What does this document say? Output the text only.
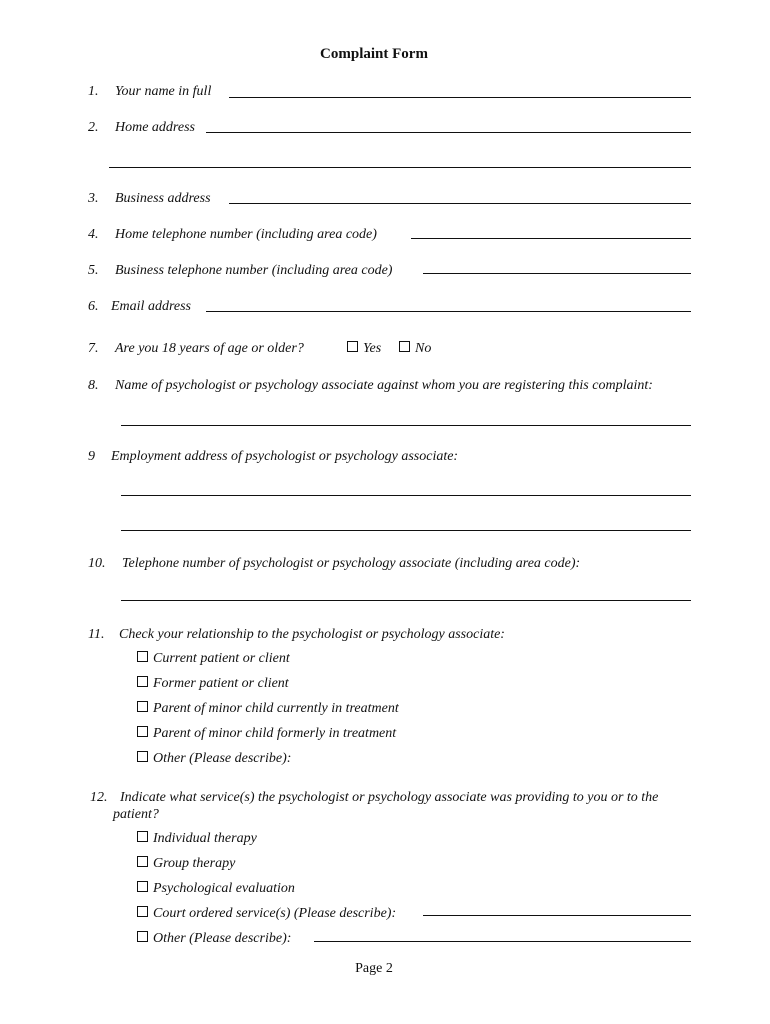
Complaint Form
1. Your name in full
2. Home address
3. Business address
4. Home telephone number (including area code)
5. Business telephone number (including area code)
6. Email address
7. Are you 18 years of age or older?	Yes	No
8. Name of psychologist or psychology associate against whom you are registering this complaint:
9 Employment address of psychologist or psychology associate:
10. Telephone number of psychologist or psychology associate (including area code):
11. Check your relationship to the psychologist or psychology associate:
Current patient or client
Former patient or client
Parent of minor child currently in treatment
Parent of minor child formerly in treatment
Other (Please describe):
12. Indicate what service(s) the psychologist or psychology associate was providing to you or to the
patient?
Individual therapy
Group therapy
Psychological evaluation
Court ordered service(s) (Please describe):
Other (Please describe):
Page 2
